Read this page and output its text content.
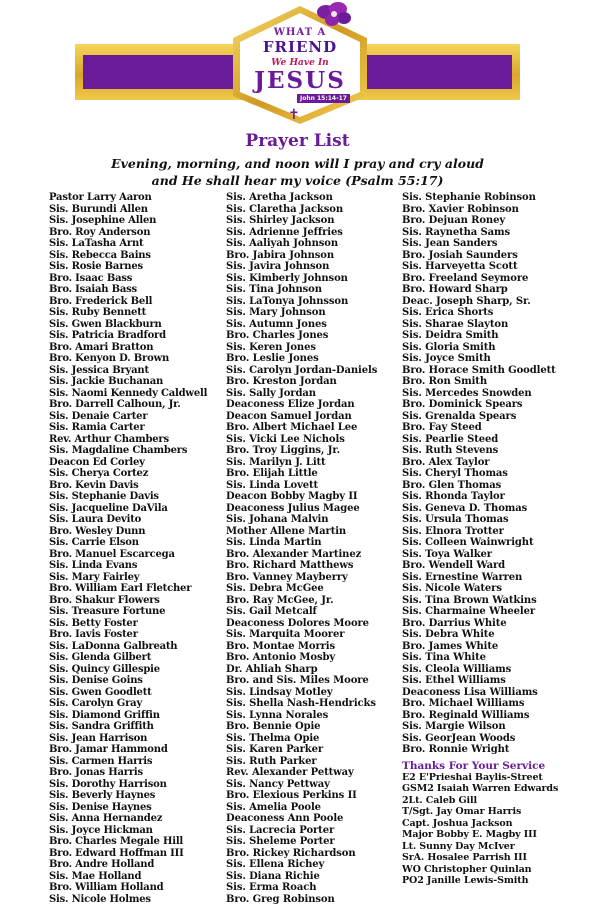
WHAT A
FRIEND
We Have In
JESUS
John 15:14-17
✝
Prayer List
Evening, morning, and noon will I pray and cry aloud
and He shall hear my voice (Psalm 55:17)
Pastor Larry Aaron
Sis. Burundi Allen
Sis. Josephine Allen
Bro. Roy Anderson
Sis. LaTasha Arnt
Sis. Rebecca Bains
Sis. Rosie Barnes
Bro. Isaac Bass
Bro. Isaiah Bass
Bro. Frederick Bell
Sis. Ruby Bennett
Sis. Gwen Blackburn
Sis. Patricia Bradford
Bro. Amari Bratton
Bro. Kenyon D. Brown
Sis. Jessica Bryant
Sis. Jackie Buchanan
Sis. Naomi Kennedy Caldwell
Bro. Darrell Calhoun, Jr.
Sis. Denaie Carter
Sis. Ramia Carter
Rev. Arthur Chambers
Sis. Magdaline Chambers
Deacon Ed Corley
Sis. Cherya Cortez
Bro. Kevin Davis
Sis. Stephanie Davis
Sis. Jacqueline DaVila
Sis. Laura Devito
Bro. Wesley Dunn
Sis. Carrie Elson
Bro. Manuel Escarcega
Sis. Linda Evans
Sis. Mary Fairley
Bro. William Earl Fletcher
Bro. Shakur Flowers
Sis. Treasure Fortune
Sis. Betty Foster
Bro. Iavis Foster
Sis. LaDonna Galbreath
Sis. Glenda Gilbert
Sis. Quincy Gillespie
Sis. Denise Goins
Sis. Gwen Goodlett
Sis. Carolyn Gray
Sis. Diamond Griffin
Sis. Sandra Griffith
Sis. Jean Harrison
Bro. Jamar Hammond
Sis. Carmen Harris
Bro. Jonas Harris
Sis. Dorothy Harrison
Sis. Beverly Haynes
Sis. Denise Haynes
Sis. Anna Hernandez
Sis. Joyce Hickman
Bro. Charles Megale Hill
Bro. Edward Hoffman III
Bro. Andre Holland
Sis. Mae Holland
Bro. William Holland
Sis. Nicole Holmes
Sis. Aretha Jackson
Sis. Claretha Jackson
Sis. Shirley Jackson
Sis. Adrienne Jeffries
Sis. Aaliyah Johnson
Bro. Jabira Johnson
Sis. Javira Johnson
Sis. Kimberly Johnson
Sis. Tina Johnson
Sis. LaTonya Johnsson
Sis. Mary Johnson
Sis. Autumn Jones
Bro. Charles Jones
Sis. Keren Jones
Bro. Leslie Jones
Sis. Carolyn Jordan-Daniels
Bro. Kreston Jordan
Sis. Sally Jordan
Deaconess Elize Jordan
Deacon Samuel Jordan
Bro. Albert Michael Lee
Sis. Vicki Lee Nichols
Bro. Troy Liggins, Jr.
Sis. Marilyn J. Litt
Bro. Elijah Little
Sis. Linda Lovett
Deacon Bobby Magby II
Deaconess Julius Magee
Sis. Johana Malvin
Mother Allene Martin
Sis. Linda Martin
Bro. Alexander Martinez
Bro. Richard Matthews
Bro. Vanney Mayberry
Sis. Debra McGee
Bro. Ray McGee, Jr.
Sis. Gail Metcalf
Deaconess Dolores Moore
Sis. Marquita Moorer
Bro. Montae Morris
Bro. Antonio Mosby
Dr. Ahliah Sharp
Bro. and Sis. Miles Moore
Sis. Lindsay Motley
Sis. Shella Nash-Hendricks
Sis. Lynna Norales
Bro. Bennie Opie
Sis. Thelma Opie
Sis. Karen Parker
Sis. Ruth Parker
Rev. Alexander Pettway
Sis. Nancy Pettway
Bro. Elexious Perkins II
Sis. Amelia Poole
Deaconess Ann Poole
Sis. Lacrecia Porter
Sis. Sheleme Porter
Bro. Rickey Richardson
Sis. Ellena Richey
Sis. Diana Richie
Sis. Erma Roach
Bro. Greg Robinson
Sis. Stephanie Robinson
Bro. Xavier Robinson
Bro. Dejuan Roney
Sis. Raynetha Sams
Sis. Jean Sanders
Bro. Josiah Saunders
Sis. Harveyetta Scott
Bro. Freeland Seymore
Bro. Howard Sharp
Deac. Joseph Sharp, Sr.
Sis. Erica Shorts
Sis. Sharae Slayton
Sis. Deidra Smith
Sis. Gloria Smith
Sis. Joyce Smith
Bro. Horace Smith Goodlett
Bro. Ron Smith
Sis. Mercedes Snowden
Bro. Dominick Spears
Sis. Grenalda Spears
Bro. Fay Steed
Sis. Pearlie Steed
Sis. Ruth Stevens
Bro. Alex Taylor
Sis. Cheryl Thomas
Bro. Glen Thomas
Sis. Rhonda Taylor
Sis. Geneva D. Thomas
Sis. Ursula Thomas
Sis. Elnora Trotter
Sis. Colleen Wainwright
Sis. Toya Walker
Bro. Wendell Ward
Sis. Ernestine Warren
Sis. Nicole Waters
Sis. Tina Brown Watkins
Sis. Charmaine Wheeler
Bro. Darrius White
Sis. Debra White
Bro. James White
Sis. Tina White
Sis. Cleola Williams
Sis. Ethel Williams
Deaconess Lisa Williams
Bro. Michael Williams
Bro. Reginald Williams
Sis. Margie Wilson
Sis. GeorJean Woods
Bro. Ronnie Wright
Thanks For Your Service
E2 E'Prieshai Baylis-Street
GSM2 Isaiah Warren Edwards
2Lt. Caleb Gill
T/Sgt. Jay Omar Harris
Capt. Joshua Jackson
Major Bobby E. Magby III
Lt. Sunny Day McIver
SrA. Hosalee Parrish III
WO Christopher Quinlan
PO2 Janille Lewis-Smith
